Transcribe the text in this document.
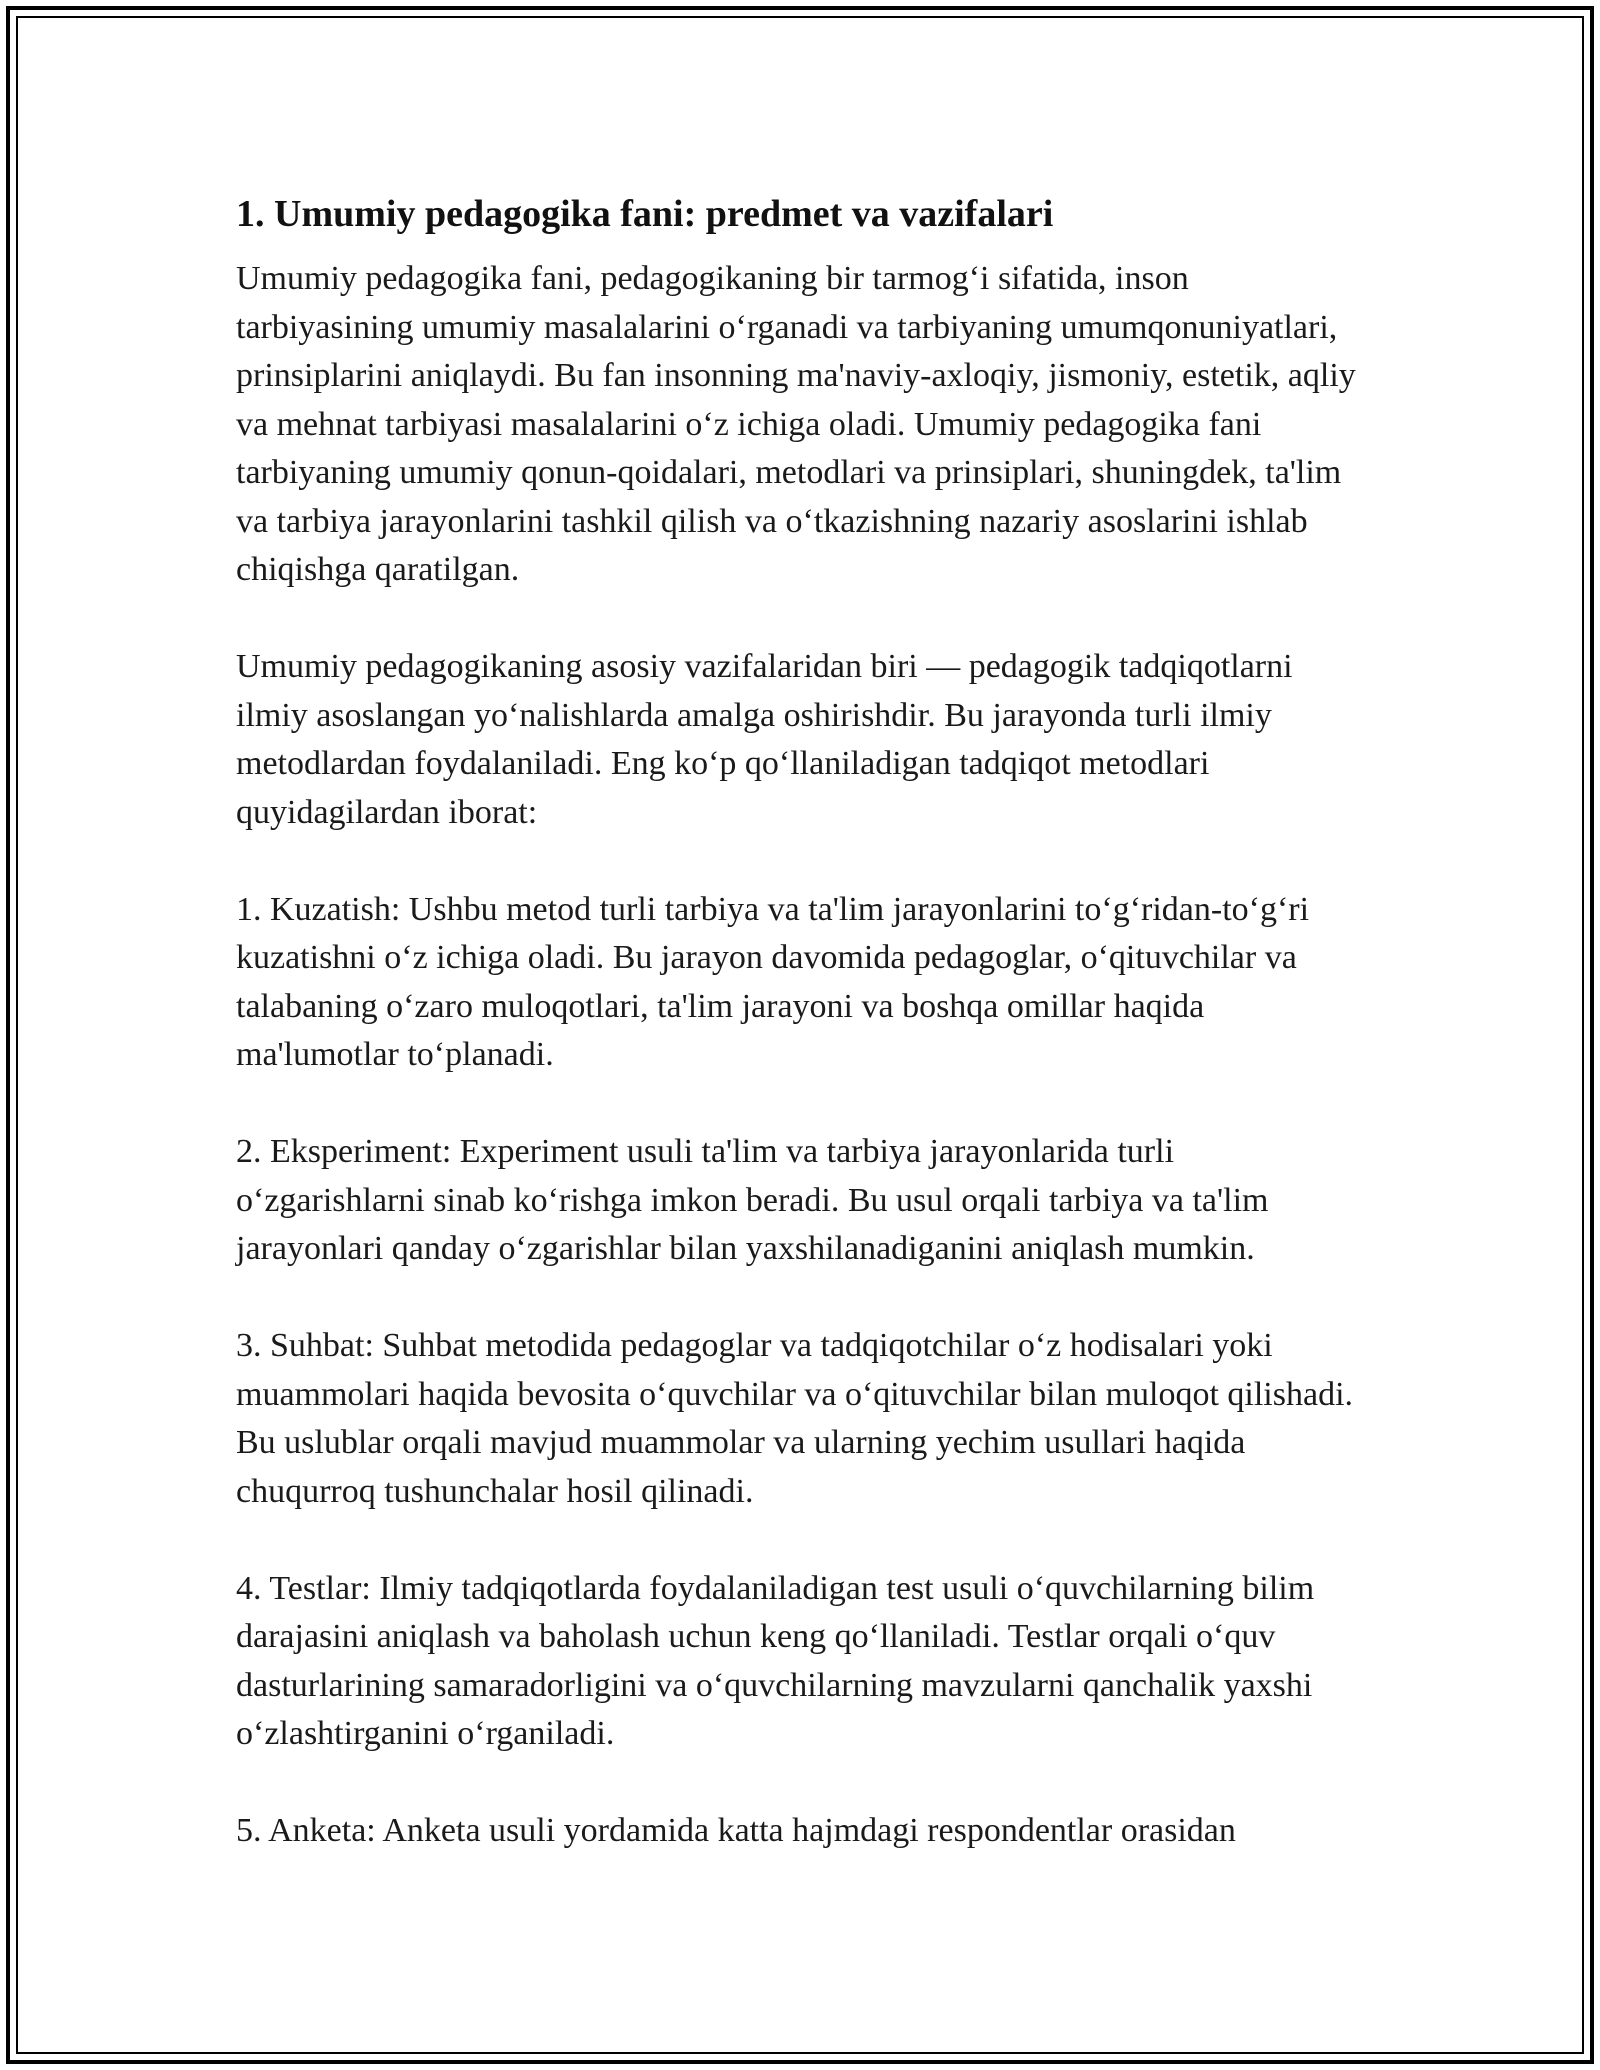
1. Umumiy pedagogika fani: predmet va vazifalari

Umumiy pedagogika fani, pedagogikaning bir tarmog‘i sifatida, inson tarbiyasining umumiy masalalarini o‘rganadi va tarbiyaning umumqonuniyatlari, prinsiplarini aniqlaydi. Bu fan insonning ma'naviy-axloqiy, jismoniy, estetik, aqliy va mehnat tarbiyasi masalalarini o‘z ichiga oladi. Umumiy pedagogika fani tarbiyaning umumiy qonun-qoidalari, metodlari va prinsiplari, shuningdek, ta'lim va tarbiya jarayonlarini tashkil qilish va o‘tkazishning nazariy asoslarini ishlab chiqishga qaratilgan.

Umumiy pedagogikaning asosiy vazifalaridan biri — pedagogik tadqiqotlarni ilmiy asoslangan yo‘nalishlarda amalga oshirishdir. Bu jarayonda turli ilmiy metodlardan foydalaniladi. Eng ko‘p qo‘llaniladigan tadqiqot metodlari quyidagilardan iborat:

1. Kuzatish: Ushbu metod turli tarbiya va ta'lim jarayonlarini to‘g‘ridan-to‘g‘ri kuzatishni o‘z ichiga oladi. Bu jarayon davomida pedagoglar, o‘qituvchilar va talabaning o‘zaro muloqotlari, ta'lim jarayoni va boshqa omillar haqida ma'lumotlar to‘planadi.

2. Eksperiment: Experiment usuli ta'lim va tarbiya jarayonlarida turli o‘zgarishlarni sinab ko‘rishga imkon beradi. Bu usul orqali tarbiya va ta'lim jarayonlari qanday o‘zgarishlar bilan yaxshilanadiganini aniqlash mumkin.

3. Suhbat: Suhbat metodida pedagoglar va tadqiqotchilar o‘z hodisalari yoki muammolari haqida bevosita o‘quvchilar va o‘qituvchilar bilan muloqot qilishadi. Bu uslublar orqali mavjud muammolar va ularning yechim usullari haqida chuqurroq tushunchalar hosil qilinadi.

4. Testlar: Ilmiy tadqiqotlarda foydalaniladigan test usuli o‘quvchilarning bilim darajasini aniqlash va baholash uchun keng qo‘llaniladi. Testlar orqali o‘quv dasturlarining samaradorligini va o‘quvchilarning mavzularni qanchalik yaxshi o‘zlashtirganini o‘rganiladi.

5. Anketa: Anketa usuli yordamida katta hajmdagi respondentlar orasidan
